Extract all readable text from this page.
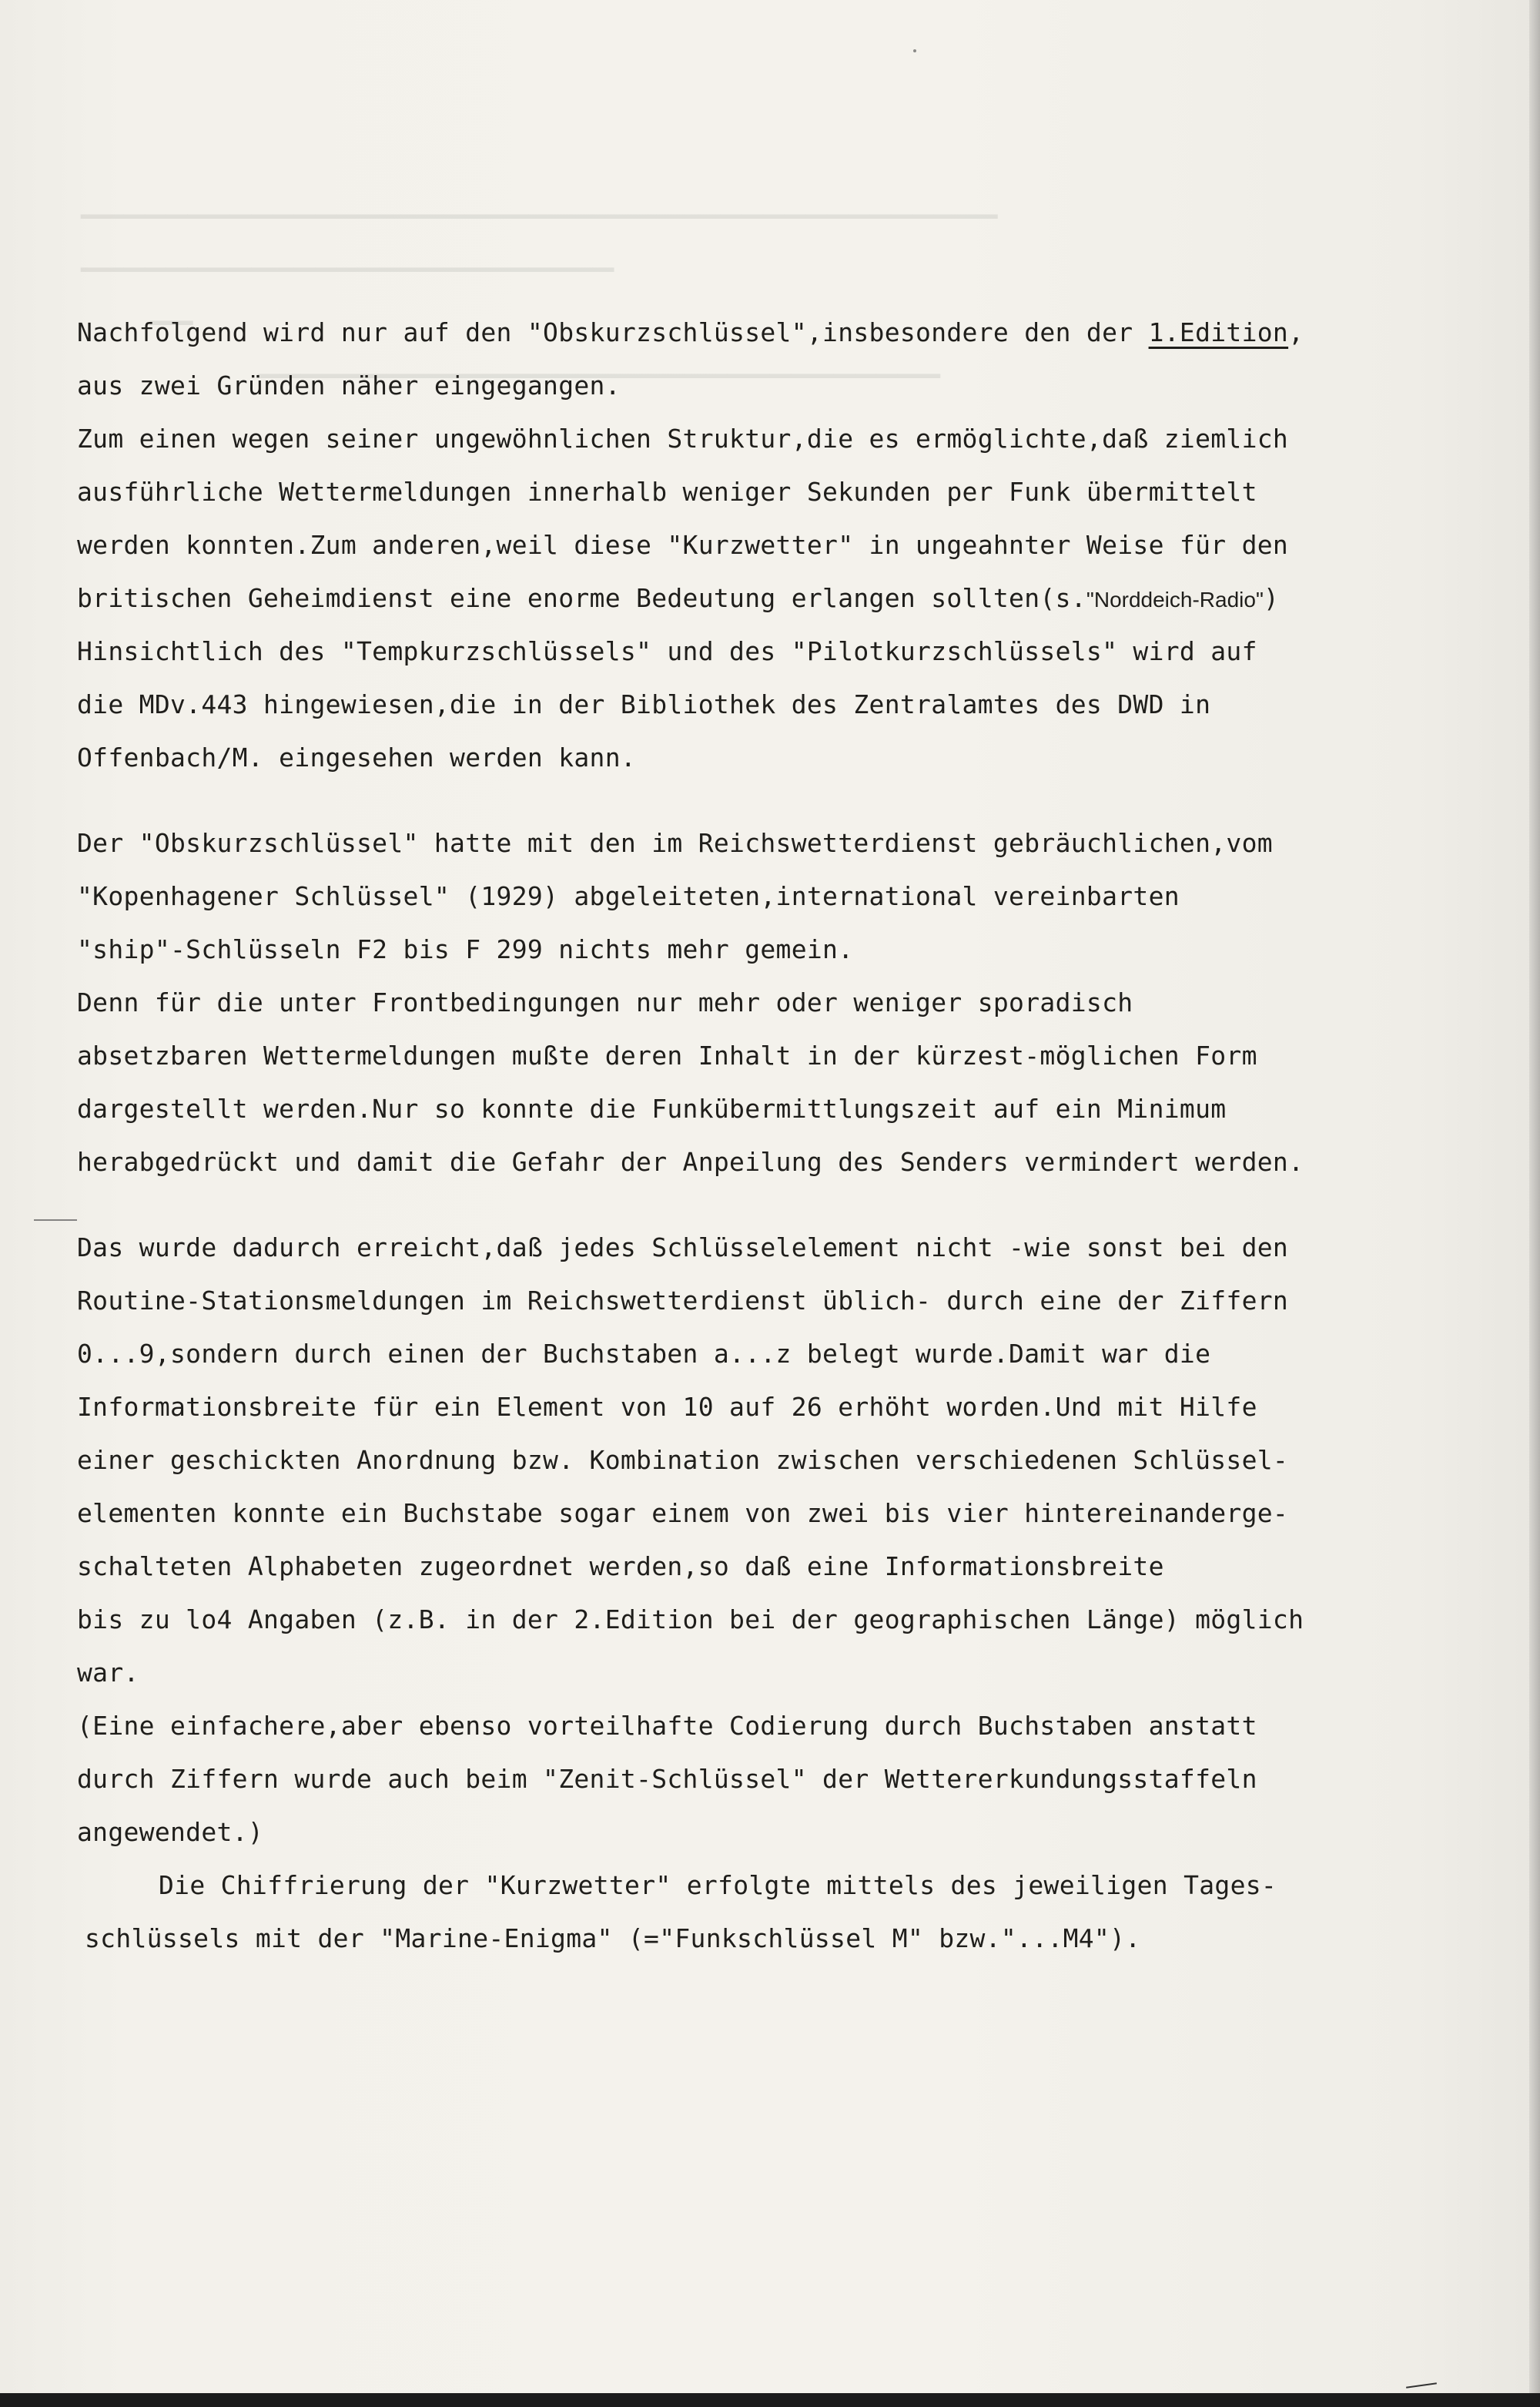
▁▁▁▁▁▁▁▁▁▁▁▁▁▁▁▁▁▁▁▁▁▁▁▁▁▁▁▁▁▁▁▁▁▁▁▁▁▁▁▁▁▁▁
▁▁▁▁▁▁▁▁▁▁▁▁▁▁▁▁▁▁▁▁▁▁▁▁▁
▁▁
▁▁▁▁▁▁▁▁▁▁▁▁▁▁▁▁▁▁▁▁▁▁▁▁▁▁▁▁▁▁▁▁
Nachfolgend wird nur auf den "Obskurzschlüssel",insbesondere den der 1.Edition,
aus zwei Gründen näher eingegangen.
Zum einen wegen seiner ungewöhnlichen Struktur,die es ermöglichte,daß ziemlich
ausführliche Wettermeldungen innerhalb weniger Sekunden per Funk übermittelt
werden konnten.Zum anderen,weil diese "Kurzwetter" in ungeahnter Weise für den
britischen Geheimdienst eine enorme Bedeutung erlangen sollten(s."Norddeich-Radio")
Hinsichtlich des "Tempkurzschlüssels" und des "Pilotkurzschlüssels" wird auf
die MDv.443 hingewiesen,die in der Bibliothek des Zentralamtes des DWD in
Offenbach/M. eingesehen werden kann.
Der "Obskurzschlüssel" hatte mit den im Reichswetterdienst gebräuchlichen,vom
"Kopenhagener Schlüssel" (1929) abgeleiteten,international vereinbarten
"ship"-Schlüsseln F2 bis F 299 nichts mehr gemein.
Denn für die unter Frontbedingungen nur mehr oder weniger sporadisch
absetzbaren Wettermeldungen mußte deren Inhalt in der kürzest-möglichen Form
dargestellt werden.Nur so konnte die Funkübermittlungszeit auf ein Minimum
herabgedrückt und damit die Gefahr der Anpeilung des Senders vermindert werden.
Das wurde dadurch erreicht,daß jedes Schlüsselelement nicht -wie sonst bei den
Routine-Stationsmeldungen im Reichswetterdienst üblich- durch eine der Ziffern
0...9,sondern durch einen der Buchstaben a...z belegt wurde.Damit war die
Informationsbreite für ein Element von 10 auf 26 erhöht worden.Und mit Hilfe
einer geschickten Anordnung bzw. Kombination zwischen verschiedenen Schlüssel-
elementen konnte ein Buchstabe sogar einem von zwei bis vier hintereinanderge-
schalteten Alphabeten zugeordnet werden,so daß eine Informationsbreite
bis zu lo4 Angaben (z.B. in der 2.Edition bei der geographischen Länge) möglich
war.
(Eine einfachere,aber ebenso vorteilhafte Codierung durch Buchstaben anstatt
durch Ziffern wurde auch beim "Zenit-Schlüssel" der Wettererkundungsstaffeln
angewendet.)
Die Chiffrierung der "Kurzwetter" erfolgte mittels des jeweiligen Tages-
schlüssels mit der "Marine-Enigma" (="Funkschlüssel M" bzw."...M4").
